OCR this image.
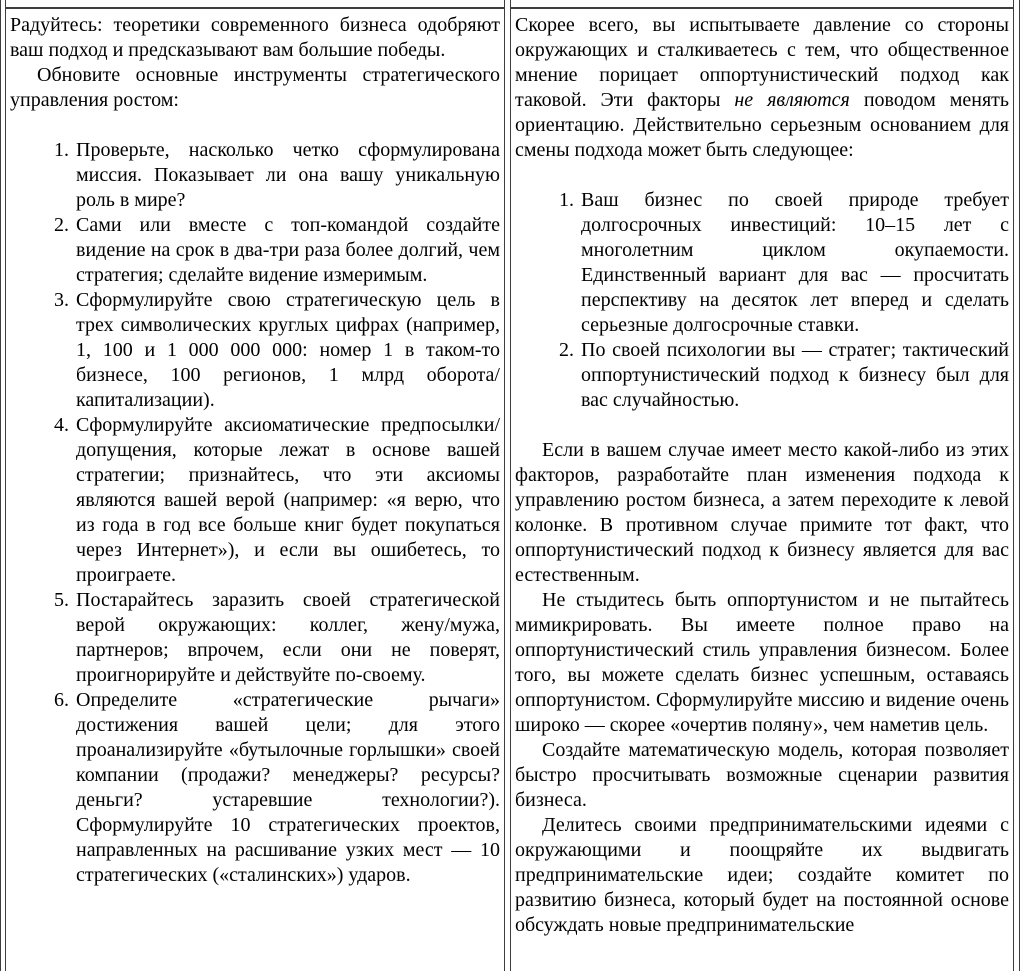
Радуйтесь: теоретики современного бизнеса одобряют ваш подход и предсказывают вам большие победы.

Обновите основные инструменты стратегического управления ростом:

1. Проверьте, насколько четко сформулирована миссия. Показывает ли она вашу уникальную роль в мире?
2. Сами или вместе с топ-командой создайте видение на срок в два-три раза более долгий, чем стратегия; сделайте видение измеримым.
3. Сформулируйте свою стратегическую цель в трех символических круглых цифрах (например, 1, 100 и 1 000 000 000: номер 1 в таком-то бизнесе, 100 регионов, 1 млрд оборота/капитализации).
4. Сформулируйте аксиоматические предпосылки/допущения, которые лежат в основе вашей стратегии; признайтесь, что эти аксиомы являются вашей верой (например: «я верю, что из года в год все больше книг будет покупаться через Интернет»), и если вы ошибетесь, то проиграете.
5. Постарайтесь заразить своей стратегической верой окружающих: коллег, жену/мужа, партнеров; впрочем, если они не поверят, проигнорируйте и действуйте по-своему.
6. Определите «стратегические рычаги» достижения вашей цели; для этого проанализируйте «бутылочные горлышки» своей компании (продажи? менеджеры? ресурсы? деньги? устаревшие технологии?). Сформулируйте 10 стратегических проектов, направленных на расшивание узких мест — 10 стратегических («сталинских») ударов.

Скорее всего, вы испытываете давление со стороны окружающих и сталкиваетесь с тем, что общественное мнение порицает оппортунистический подход как таковой. Эти факторы не являются поводом менять ориентацию. Действительно серьезным основанием для смены подхода может быть следующее:

1. Ваш бизнес по своей природе требует долгосрочных инвестиций: 10–15 лет с многолетним циклом окупаемости. Единственный вариант для вас — просчитать перспективу на десяток лет вперед и сделать серьезные долгосрочные ставки.
2. По своей психологии вы — стратег; тактический оппортунистический подход к бизнесу был для вас случайностью.

Если в вашем случае имеет место какой-либо из этих факторов, разработайте план изменения подхода к управлению ростом бизнеса, а затем переходите к левой колонке. В противном случае примите тот факт, что оппортунистический подход к бизнесу является для вас естественным.

Не стыдитесь быть оппортунистом и не пытайтесь мимикрировать. Вы имеете полное право на оппортунистический стиль управления бизнесом. Более того, вы можете сделать бизнес успешным, оставаясь оппортунистом. Сформулируйте миссию и видение очень широко — скорее «очертив поляну», чем наметив цель.

Создайте математическую модель, которая позволяет быстро просчитывать возможные сценарии развития бизнеса.

Делитесь своими предпринимательскими идеями с окружающими и поощряйте их выдвигать предпринимательские идеи; создайте комитет по развитию бизнеса, который будет на постоянной основе обсуждать новые предпринимательские
